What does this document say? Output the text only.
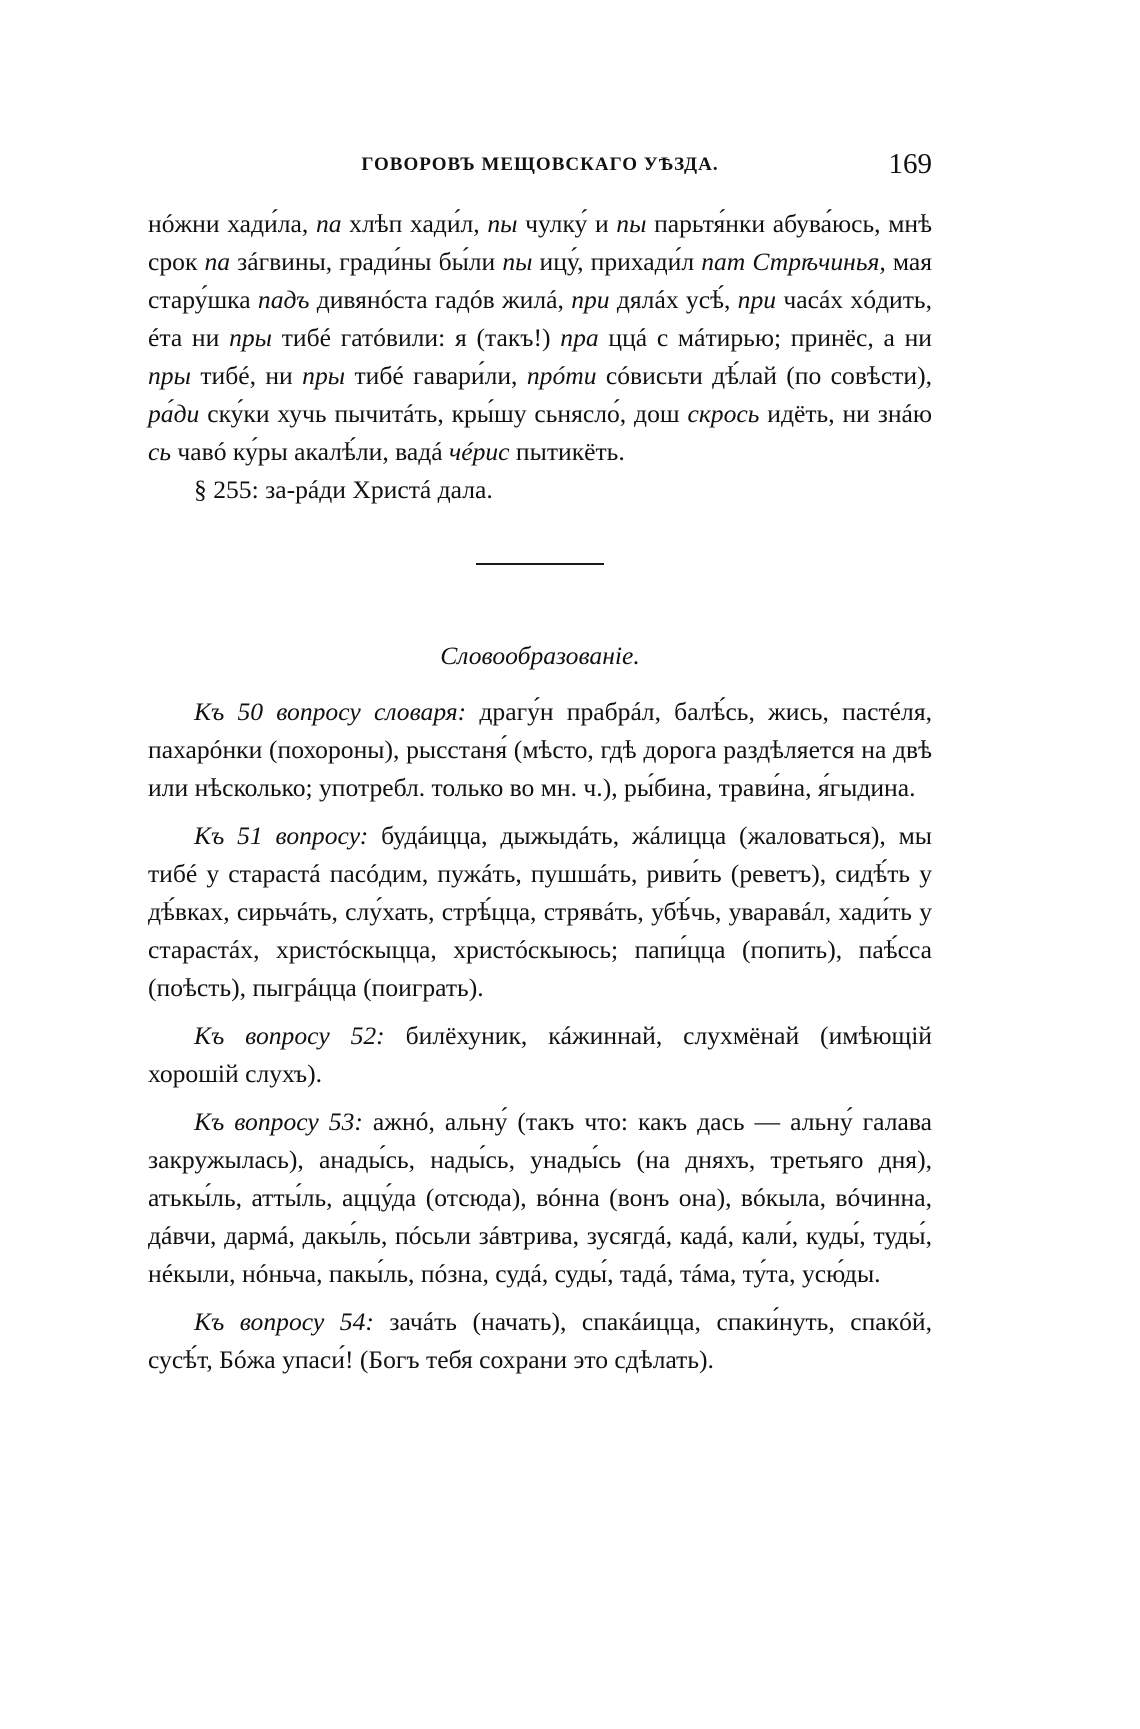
ГОВОРОВЪ МЕЩОВСКАГО УѢЗДА.	169

нóжни хади́ла, па хлѣп хади́л, пы чулку́ и пы парьтя́нки абува́юсь, мнѣ срок па зáгвины, гради́ны бы́ли пы ицу́, прихади́л пат Стрѣчинья, мая стару́шка падъ дивянóста гадóв жилá, при дялáх усѣ́, при часáх хóдить, éта ни пры тибé гатóвили: я (такъ!) пра ццá с мáтирью; принёс, а ни пры тибé, ни пры тибé гавари́ли, прóти сóвисьти дѣ́лай (по совѣсти), ра́ди ску́ки хучь пычитáть, кры́шу сьнясло́, дош скрось идёть, ни знáю сь чавó ку́ры акалѣ́ли, вадá чéрис пытикёть.

§ 255: за-рáди Христá дала.

Словообразованіе.

Къ 50 вопросу словаря: драгу́н прабрáл, балѣ́сь, жись, пастéля, пахарóнки (похороны), рысстаня́ (мѣсто, гдѣ дорога раздѣляется на двѣ или нѣсколько; употребл. только во мн. ч.), ры́бина, трави́на, я́гыдина.

Къ 51 вопросу: будáицца, дыжыдáть, жáлицца (жаловаться), мы тибé у старастá пасóдим, пужáть, пушшáть, риви́ть (реветъ), сидѣ́ть у дѣ́вках, сирьчáть, слу́хать, стрѣ́цца, стрявáть, убѣ́чь, уваравáл, хади́ть у старастáх, христóскыцца, христóскыюсь; папи́цца (попить), паѣ́сса (поѣсть), пыгрáцца (поиграть).

Къ вопросу 52: билёхуник, кáжиннай, слухмёнай (имѣющій хорошій слухъ).

Къ вопросу 53: ажнó, альну́ (такъ что: какъ дась — альну́ галава закружылась), анады́сь, нады́сь, унады́сь (на дняхъ, третьяго дня), атькы́ль, атты́ль, аццу́да (отсюда), вóнна (вонъ она), вóкыла, вóчинна, дáвчи, дармá, дакы́ль, пóсьли зáвтрива, зусягдá, кадá, кали́, куды́, туды́, нéкыли, нóньча, пакы́ль, пóзна, судá, суды́, тадá, тáма, ту́та, усю́ды.

Къ вопросу 54: зачáть (начать), спакáицца, спаки́нуть, спакóй, сусѣ́т, Бóжа упаси́! (Богъ тебя сохрани это сдѣлать).
